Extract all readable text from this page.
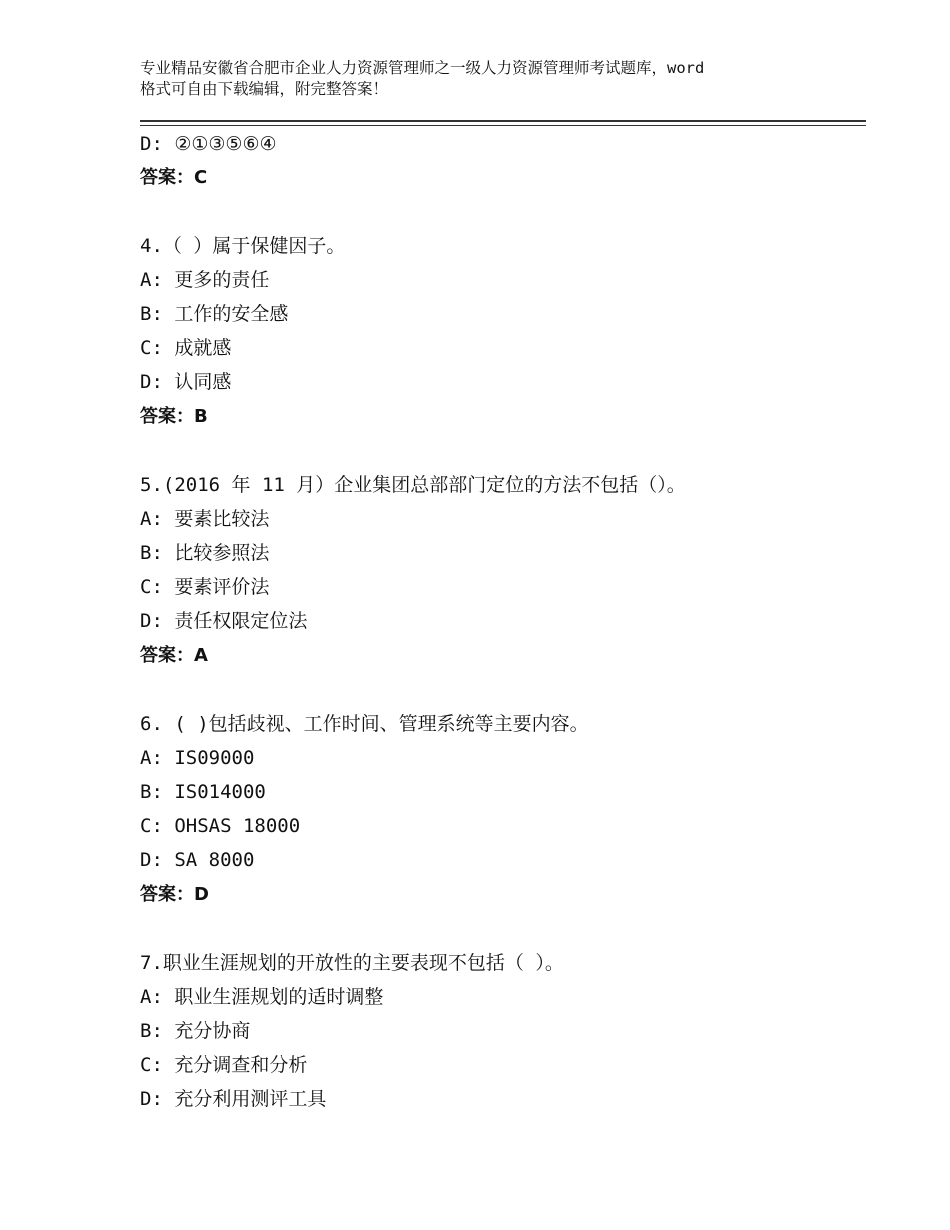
专业精品安徽省合肥市企业人力资源管理师之一级人力资源管理师考试题库，word
格式可自由下载编辑，附完整答案！
D: ②①③⑤⑥④
答案：C
4.（ ）属于保健因子。
A: 更多的责任
B: 工作的安全感
C: 成就感
D: 认同感
答案：B
5.(2016 年 11 月）企业集团总部部门定位的方法不包括（）。
A: 要素比较法
B: 比较参照法
C: 要素评价法
D: 责任权限定位法
答案：A
6. ( )包括歧视、工作时间、管理系统等主要内容。
A: IS09000
B: IS014000
C: OHSAS 18000
D: SA 8000
答案：D
7.职业生涯规划的开放性的主要表现不包括（ ）。
A: 职业生涯规划的适时调整
B: 充分协商
C: 充分调查和分析
D: 充分利用测评工具
